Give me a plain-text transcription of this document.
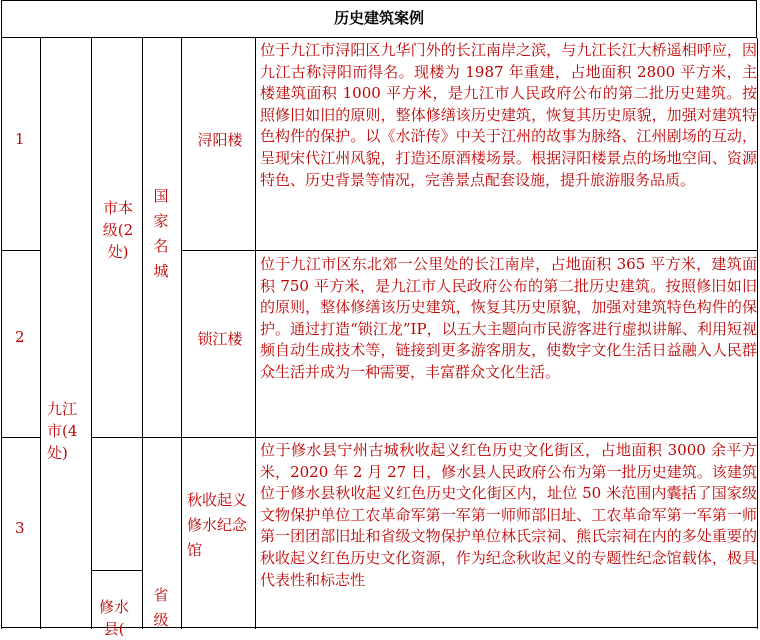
历史建筑案例
1
2
3
九江市(4处)
市本级(2处)
修水县(
国家名城
省级
浔阳楼
锁江楼
秋收起义修水纪念馆
位于九江市浔阳区九华门外的长江南岸之滨，与九江长江大桥遥相呼应，因九江古称浔阳而得名。现楼为 1987 年重建，占地面积 2800 平方米，主楼建筑面积 1000 平方米，是九江市人民政府公布的第二批历史建筑。按照修旧如旧的原则，整体修缮该历史建筑，恢复其历史原貌，加强对建筑特色构件的保护。以《水浒传》中关于江州的故事为脉络、江州剧场的互动，呈现宋代江州风貌，打造还原酒楼场景。根据浔阳楼景点的场地空间、资源特色、历史背景等情况，完善景点配套设施，提升旅游服务品质。
位于九江市区东北郊一公里处的长江南岸，占地面积 365 平方米，建筑面积 750 平方米，是九江市人民政府公布的第二批历史建筑。按照修旧如旧的原则，整体修缮该历史建筑，恢复其历史原貌，加强对建筑特色构件的保护。通过打造“锁江龙”IP，以五大主题向市民游客进行虚拟讲解、利用短视频自动生成技术等，链接到更多游客朋友，使数字文化生活日益融入人民群众生活并成为一种需要，丰富群众文化生活。
位于修水县宁州古城秋收起义红色历史文化街区，占地面积 3000 余平方米，2020 年 2 月 27 日，修水县人民政府公布为第一批历史建筑。该建筑位于修水县秋收起义红色历史文化街区内，址位 50 米范围内囊括了国家级文物保护单位工农革命军第一军第一师师部旧址、工农革命军第一军第一师第一团团部旧址和省级文物保护单位林氏宗祠、熊氏宗祠在内的多处重要的秋收起义红色历史文化资源，作为纪念秋收起义的专题性纪念馆载体，极具代表性和标志性
